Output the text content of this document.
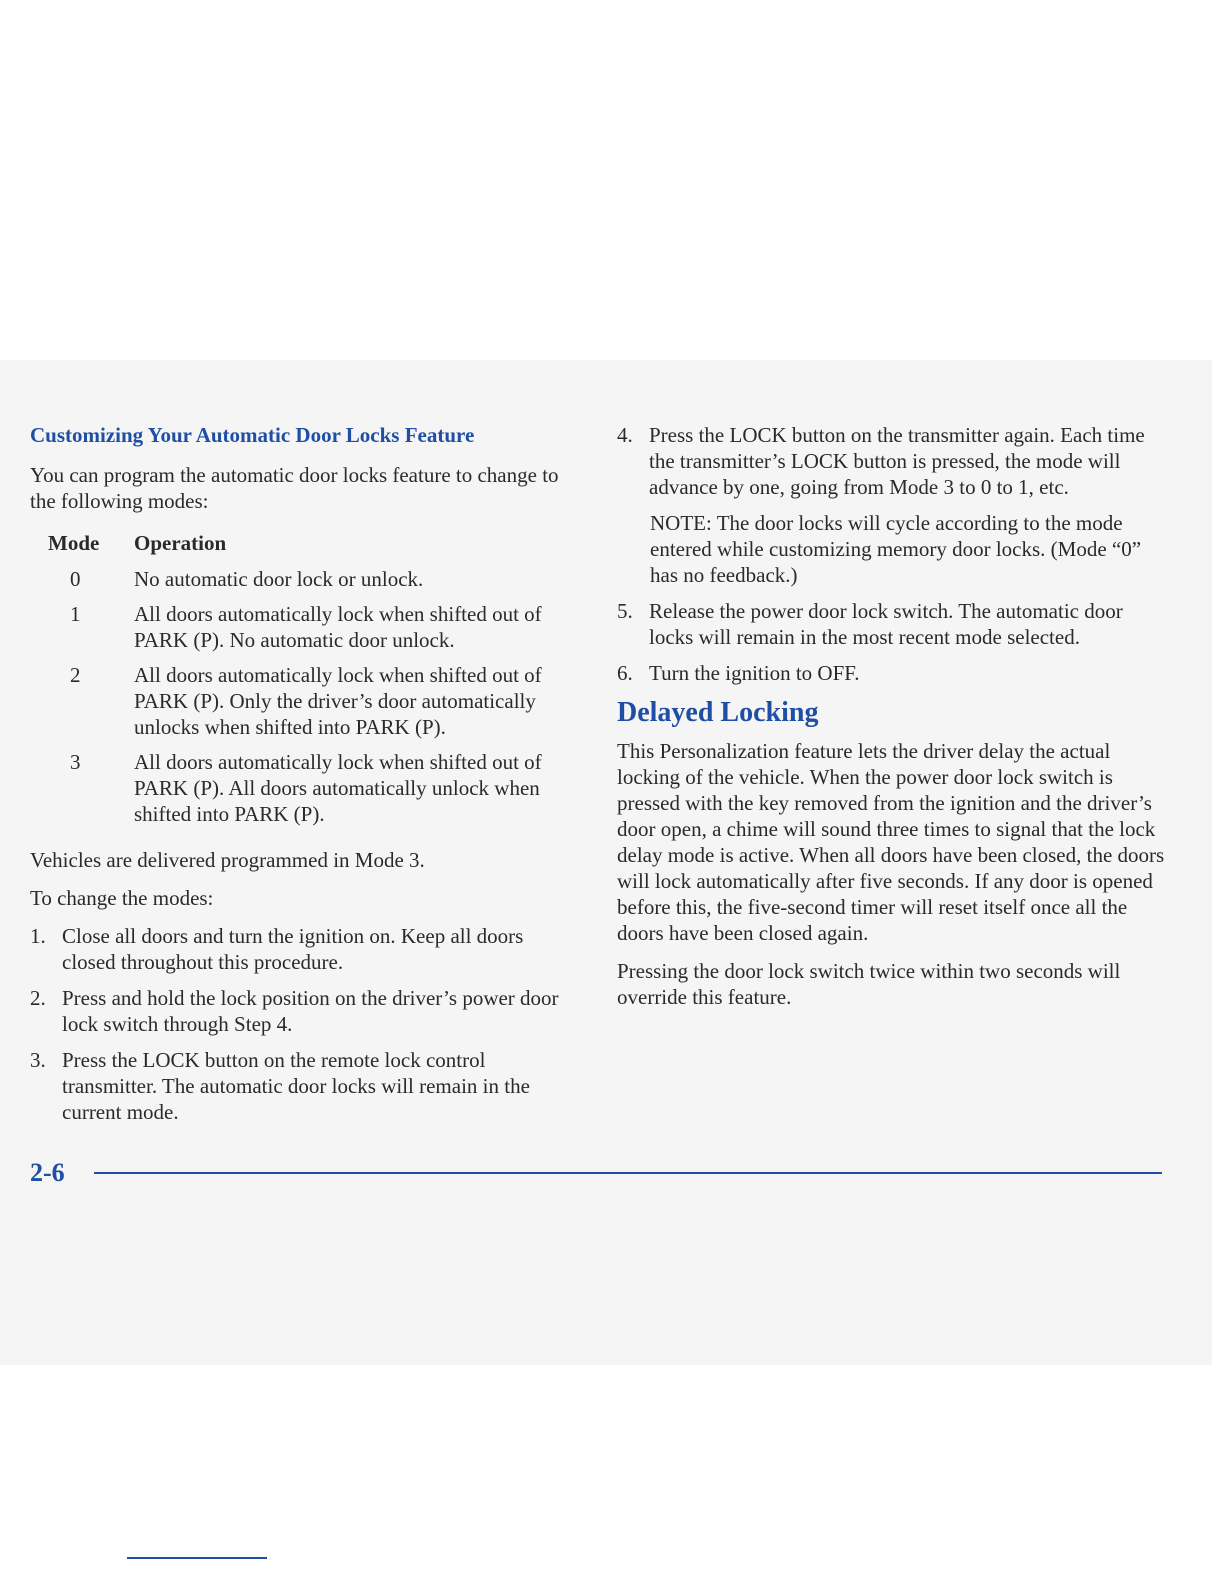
Customizing Your Automatic Door Locks Feature

You can program the automatic door locks feature to change to the following modes:

Mode	Operation
0	No automatic door lock or unlock.
1	All doors automatically lock when shifted out of PARK (P). No automatic door unlock.
2	All doors automatically lock when shifted out of PARK (P). Only the driver’s door automatically unlocks when shifted into PARK (P).
3	All doors automatically lock when shifted out of PARK (P). All doors automatically unlock when shifted into PARK (P).

Vehicles are delivered programmed in Mode 3.

To change the modes:

1. Close all doors and turn the ignition on. Keep all doors closed throughout this procedure.
2. Press and hold the lock position on the driver’s power door lock switch through Step 4.
3. Press the LOCK button on the remote lock control transmitter. The automatic door locks will remain in the current mode.
4. Press the LOCK button on the transmitter again. Each time the transmitter’s LOCK button is pressed, the mode will advance by one, going from Mode 3 to 0 to 1, etc.

NOTE: The door locks will cycle according to the mode entered while customizing memory door locks. (Mode “0” has no feedback.)

5. Release the power door lock switch. The automatic door locks will remain in the most recent mode selected.
6. Turn the ignition to OFF.
Delayed Locking

This Personalization feature lets the driver delay the actual locking of the vehicle. When the power door lock switch is pressed with the key removed from the ignition and the driver’s door open, a chime will sound three times to signal that the lock delay mode is active. When all doors have been closed, the doors will lock automatically after five seconds. If any door is opened before this, the five-second timer will reset itself once all the doors have been closed again.

Pressing the door lock switch twice within two seconds will override this feature.

2-6
